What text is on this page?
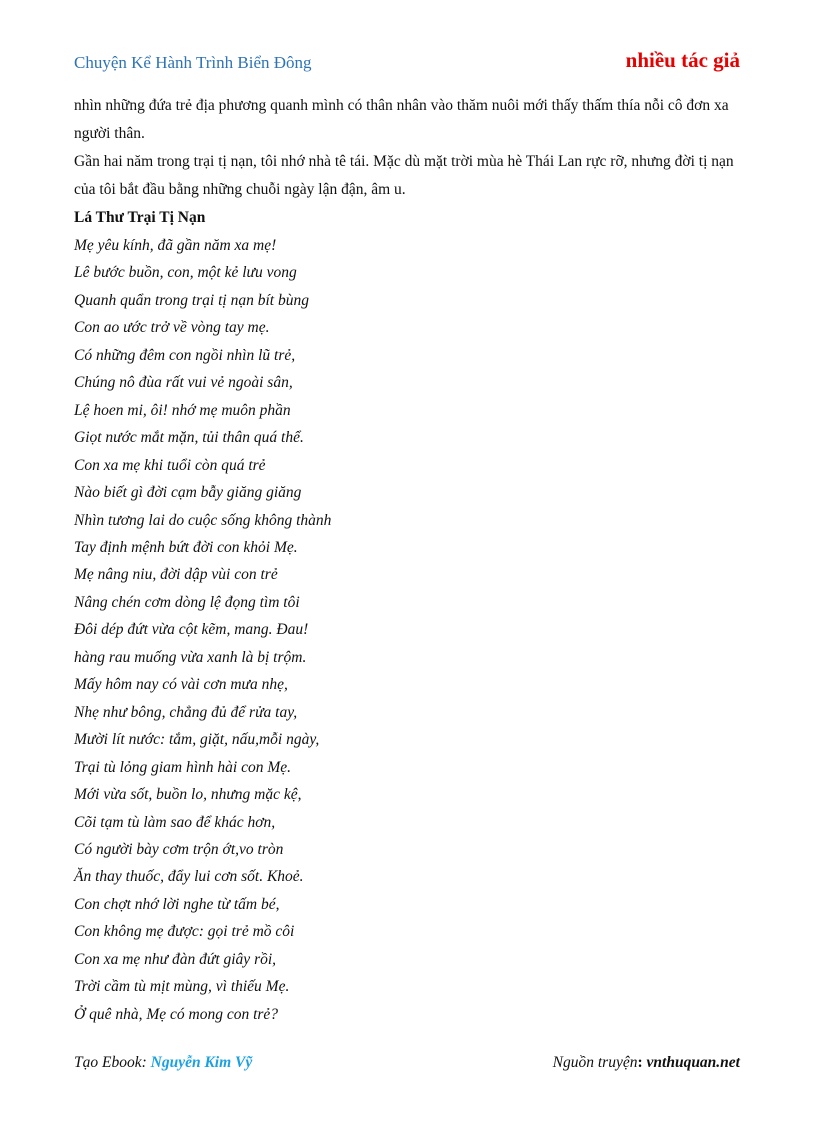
Chuyện Kể Hành Trình Biển Đông	nhiều tác giả

nhìn những đứa trẻ địa phương quanh mình có thân nhân vào thăm nuôi mới thấy thấm thía nỗi cô đơn xa người thân.

Gần hai năm trong trại tị nạn, tôi nhớ nhà tê tái. Mặc dù mặt trời mùa hè Thái Lan rực rỡ, nhưng đời tị nạn của tôi bắt đầu bằng những chuỗi ngày lận đận, âm u.

Lá Thư Trại Tị Nạn

Mẹ yêu kính, đã gần năm xa mẹ!

Lê bước buồn, con, một kẻ lưu vong

Quanh quẩn trong trại tị nạn bít bùng

Con ao ước trở về vòng tay mẹ.

Có những đêm con ngồi nhìn lũ trẻ,

Chúng nô đùa rất vui vẻ ngoài sân,

Lệ hoen mi, ôi! nhớ mẹ muôn phần

Giọt nước mắt mặn, tủi thân quá thể.

Con xa mẹ khi tuổi còn quá trẻ

Nào biết gì đời cạm bẫy giăng giăng

Nhìn tương lai do cuộc sống không thành

Tay định mệnh bứt đời con khỏi Mẹ.

Mẹ nâng niu, đời dập vùi con trẻ

Nâng chén cơm dòng lệ đọng tìm tôi

Đôi dép đứt vừa cột kẽm, mang. Đau!

hàng rau muống vừa xanh là bị trộm.

Mấy hôm nay có vài cơn mưa nhẹ,

Nhẹ như bông, chẳng đủ để rửa tay,

Mười lít nước: tắm, giặt, nấu,mỗi ngày,

Trại tù lỏng giam hình hài con Mẹ.

Mới vừa sốt, buồn lo, nhưng mặc kệ,

Cõi tạm tù làm sao để khác hơn,

Có người bày cơm trộn ớt,vo tròn

Ăn thay thuốc, đẩy lui cơn sốt. Khoẻ.

Con chợt nhớ lời nghe từ tấm bé,

Con không mẹ được: gọi trẻ mồ côi

Con xa mẹ như đàn đứt giây rồi,

Trời cầm tù mịt mùng, vì thiếu Mẹ.

Ở quê nhà, Mẹ có mong con trẻ?

Tạo Ebook: Nguyễn Kim Vỹ	Nguồn truyện: vnthuquan.net
